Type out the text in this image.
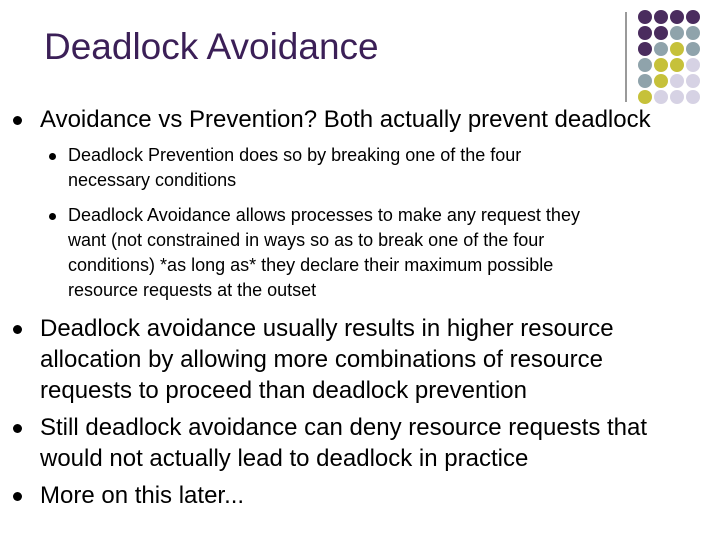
Deadlock Avoidance
Avoidance vs Prevention? Both actually prevent deadlock
Deadlock Prevention does so by breaking one of the four
necessary conditions
Deadlock Avoidance allows processes to make any request they
want (not constrained in ways so as to break one of the four
conditions) *as long as* they declare their maximum possible
resource requests at the outset
Deadlock avoidance usually results in higher resource
allocation by allowing more combinations of resource
requests to proceed than deadlock prevention
Still deadlock avoidance can deny resource requests that
would not actually lead to deadlock in practice
More on this later...
